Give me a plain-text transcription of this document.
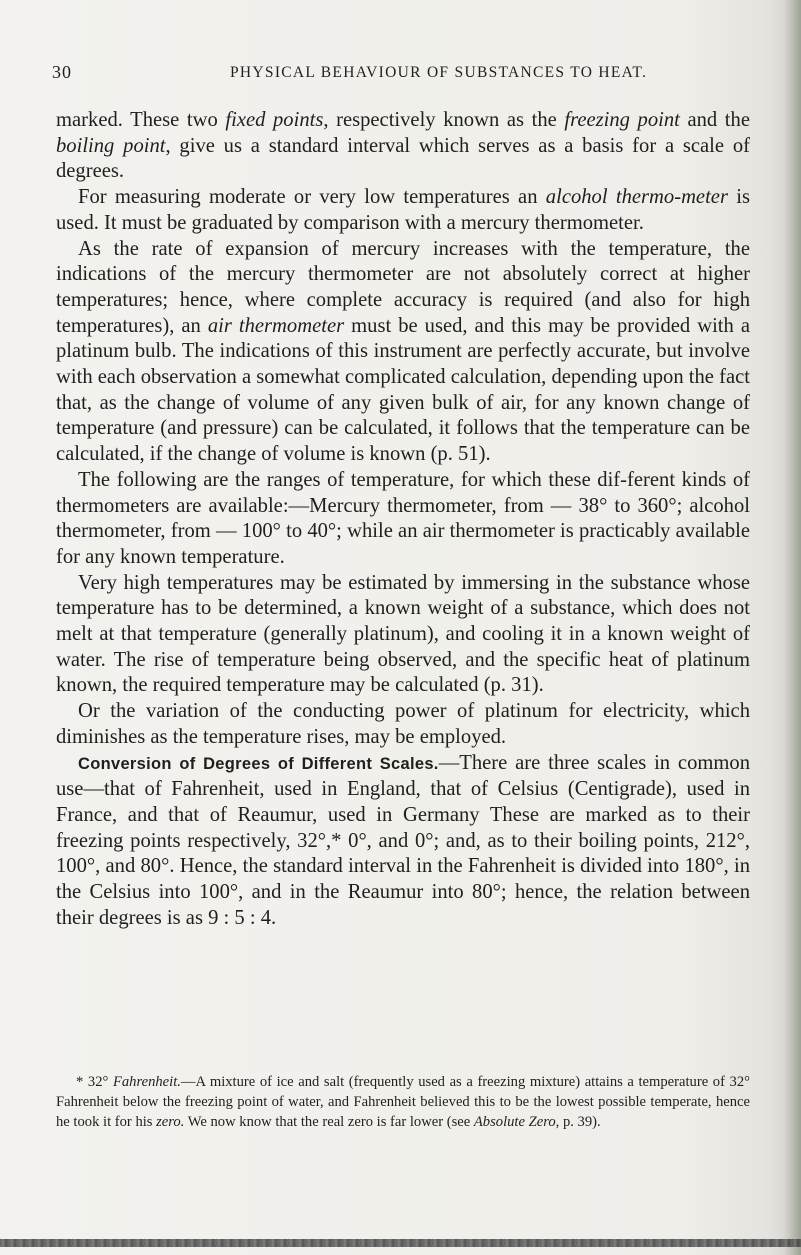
30	PHYSICAL BEHAVIOUR OF SUBSTANCES TO HEAT.

marked. These two fixed points, respectively known as the freezing point and the boiling point, give us a standard interval which serves as a basis for a scale of degrees.

For measuring moderate or very low temperatures an alcohol thermo-meter is used. It must be graduated by comparison with a mercury thermometer.

As the rate of expansion of mercury increases with the temperature, the indications of the mercury thermometer are not absolutely correct at higher temperatures; hence, where complete accuracy is required (and also for high temperatures), an air thermometer must be used, and this may be provided with a platinum bulb. The indications of this instrument are perfectly accurate, but involve with each observation a somewhat complicated calculation, depending upon the fact that, as the change of volume of any given bulk of air, for any known change of temperature (and pressure) can be calculated, it follows that the temperature can be calculated, if the change of volume is known (p. 51).

The following are the ranges of temperature, for which these dif-ferent kinds of thermometers are available:—Mercury thermometer, from — 38° to 360°; alcohol thermometer, from — 100° to 40°; while an air thermometer is practicably available for any known temperature.

Very high temperatures may be estimated by immersing in the substance whose temperature has to be determined, a known weight of a substance, which does not melt at that temperature (generally platinum), and cooling it in a known weight of water. The rise of temperature being observed, and the specific heat of platinum known, the required temperature may be calculated (p. 31).

Or the variation of the conducting power of platinum for electricity, which diminishes as the temperature rises, may be employed.

Conversion of Degrees of Different Scales.—There are three scales in common use—that of Fahrenheit, used in England, that of Celsius (Centigrade), used in France, and that of Reaumur, used in Germany These are marked as to their freezing points respectively, 32°,* 0°, and 0°; and, as to their boiling points, 212°, 100°, and 80°. Hence, the standard interval in the Fahrenheit is divided into 180°, in the Celsius into 100°, and in the Reaumur into 80°; hence, the relation between their degrees is as 9 : 5 : 4.

* 32° Fahrenheit.—A mixture of ice and salt (frequently used as a freezing mixture) attains a temperature of 32° Fahrenheit below the freezing point of water, and Fahrenheit believed this to be the lowest possible temperate, hence he took it for his zero. We now know that the real zero is far lower (see Absolute Zero, p. 39).
